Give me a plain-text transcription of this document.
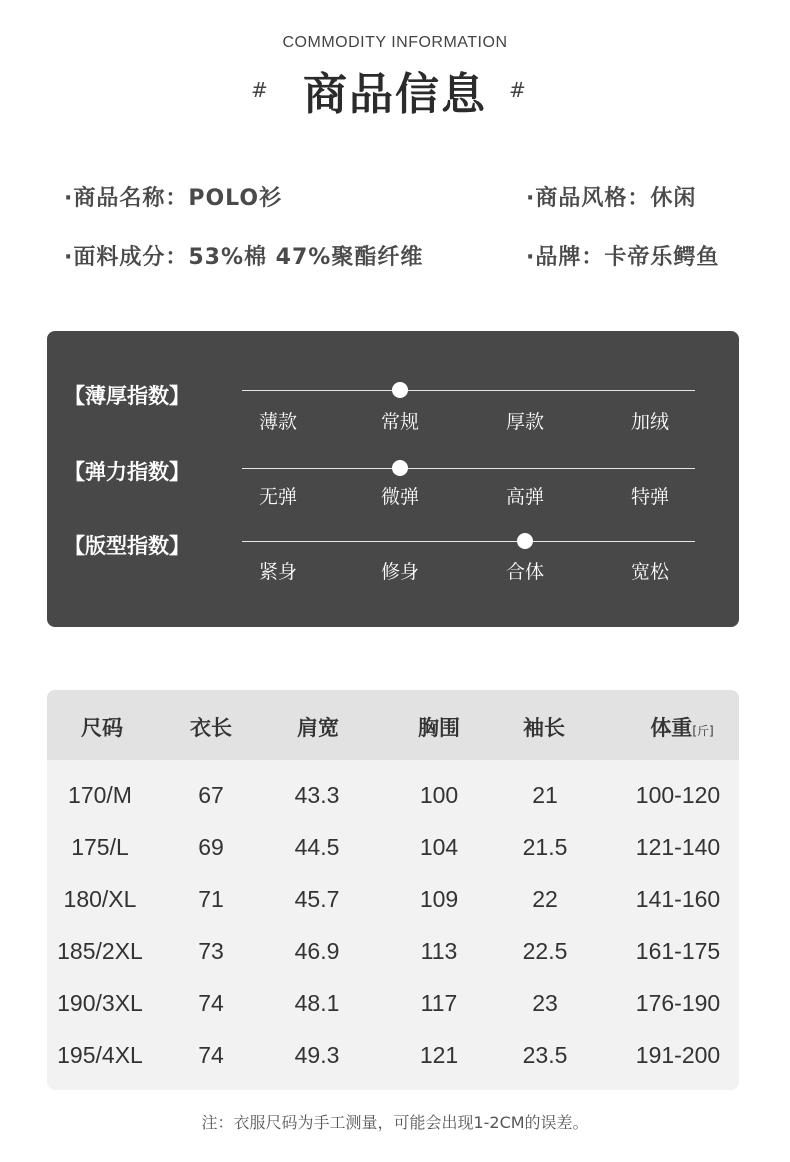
COMMODITY INFORMATION
# 商品信息	#
·商品名称：POLO衫	·商品风格：休闲
·面料成分：53%棉 47%聚酯纤维	·品牌：卡帝乐鳄鱼
【薄厚指数】
薄款	常规	厚款	加绒
【弹力指数】
无弹	微弹	高弹	特弹
【版型指数】
紧身	修身	合体	宽松
尺码	衣长	肩宽	胸围	袖长	体重[斤]
170/M	67	43.3	100	21	100-120
175/L	69	44.5	104	21.5	121-140
180/XL	71	45.7	109	22	141-160
185/2XL	73	46.9	113	22.5	161-175
190/3XL	74	48.1	117	23	176-190
195/4XL	74	49.3	121	23.5	191-200
注：衣服尺码为手工测量，可能会出现1-2CM的误差。
